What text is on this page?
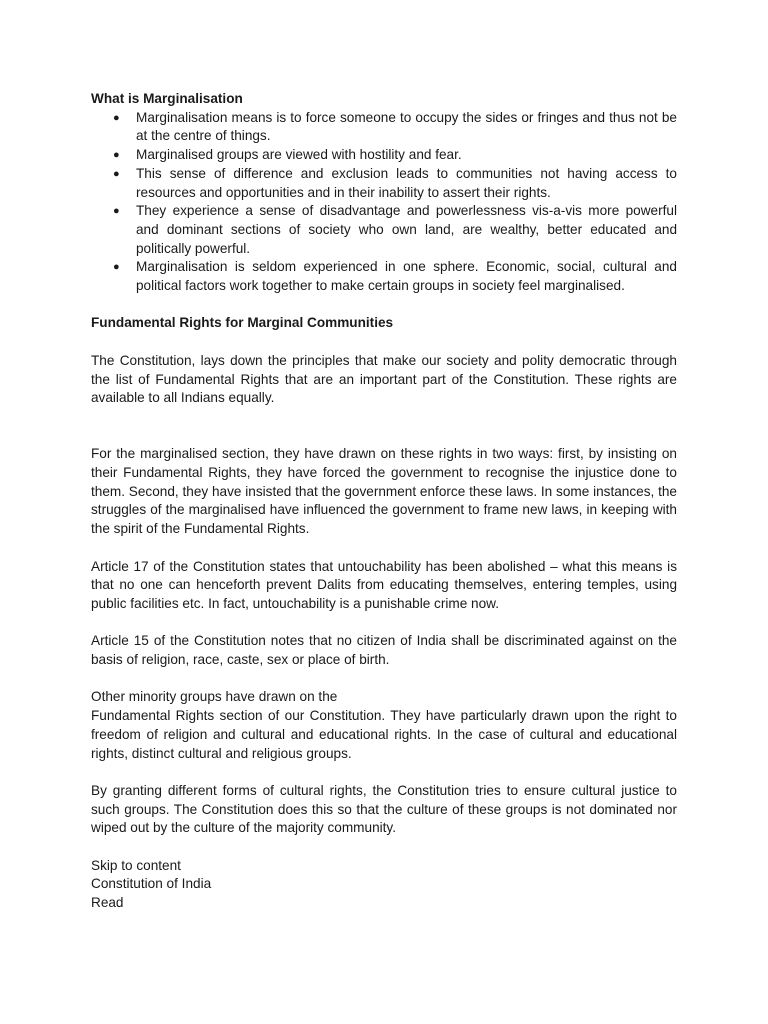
What is Marginalisation
● Marginalisation means is to force someone to occupy the sides or fringes and thus not be at the centre of things.
● Marginalised groups are viewed with hostility and fear.
● This sense of difference and exclusion leads to communities not having access to resources and opportunities and in their inability to assert their rights.
● They experience a sense of disadvantage and powerlessness vis-a-vis more powerful and dominant sections of society who own land, are wealthy, better educated and politically powerful.
● Marginalisation is seldom experienced in one sphere. Economic, social, cultural and political factors work together to make certain groups in society feel marginalised.
Fundamental Rights for Marginal Communities

The Constitution, lays down the principles that make our society and polity democratic through the list of Fundamental Rights that are an important part of the Constitution. These rights are available to all Indians equally.

For the marginalised section, they have drawn on these rights in two ways: first, by insisting on their Fundamental Rights, they have forced the government to recognise the injustice done to them. Second, they have insisted that the government enforce these laws. In some instances, the struggles of the marginalised have influenced the government to frame new laws, in keeping with the spirit of the Fundamental Rights.

Article 17 of the Constitution states that untouchability has been abolished – what this means is that no one can henceforth prevent Dalits from educating themselves, entering temples, using public facilities etc. In fact, untouchability is a punishable crime now.

Article 15 of the Constitution notes that no citizen of India shall be discriminated against on the basis of religion, race, caste, sex or place of birth.

Other minority groups have drawn on the

Fundamental Rights section of our Constitution. They have particularly drawn upon the right to freedom of religion and cultural and educational rights. In the case of cultural and educational rights, distinct cultural and religious groups.

By granting different forms of cultural rights, the Constitution tries to ensure cultural justice to such groups. The Constitution does this so that the culture of these groups is not dominated nor wiped out by the culture of the majority community.

Skip to content
Constitution of India
Read
